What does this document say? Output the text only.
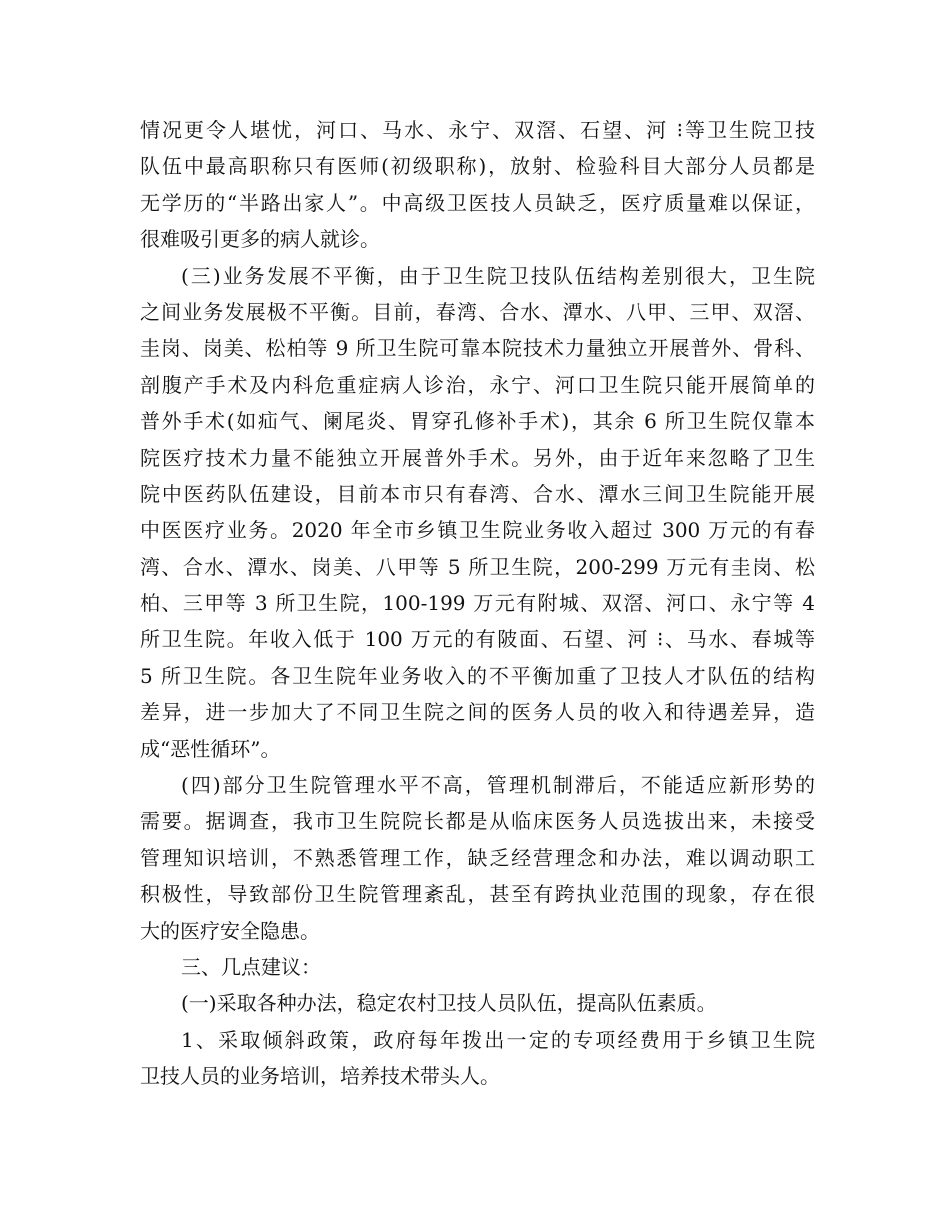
情况更令人堪忧，河口、马水、永宁、双滘、石望、河 ⁝等卫生院卫技
队伍中最高职称只有医师(初级职称)，放射、检验科目大部分人员都是
无学历的“半路出家人”。中高级卫医技人员缺乏，医疗质量难以保证，
很难吸引更多的病人就诊。
(三)业务发展不平衡，由于卫生院卫技队伍结构差别很大，卫生院
之间业务发展极不平衡。目前，春湾、合水、潭水、八甲、三甲、双滘、
圭岗、岗美、松柏等 9 所卫生院可靠本院技术力量独立开展普外、骨科、
剖腹产手术及内科危重症病人诊治，永宁、河口卫生院只能开展简单的
普外手术(如疝气、阑尾炎、胃穿孔修补手术)，其余 6 所卫生院仅靠本
院医疗技术力量不能独立开展普外手术。另外，由于近年来忽略了卫生
院中医药队伍建设，目前本市只有春湾、合水、潭水三间卫生院能开展
中医医疗业务。2020 年全市乡镇卫生院业务收入超过 300 万元的有春
湾、合水、潭水、岗美、八甲等 5 所卫生院，200-299 万元有圭岗、松
柏、三甲等 3 所卫生院，100-199 万元有附城、双滘、河口、永宁等 4
所卫生院。年收入低于 100 万元的有陂面、石望、河 ⁝、马水、春城等
5 所卫生院。各卫生院年业务收入的不平衡加重了卫技人才队伍的结构
差异，进一步加大了不同卫生院之间的医务人员的收入和待遇差异，造
成“恶性循环”。
(四)部分卫生院管理水平不高，管理机制滞后，不能适应新形势的
需要。据调查，我市卫生院院长都是从临床医务人员选拔出来，未接受
管理知识培训，不熟悉管理工作，缺乏经营理念和办法，难以调动职工
积极性，导致部份卫生院管理紊乱，甚至有跨执业范围的现象，存在很
大的医疗安全隐患。
三、几点建议：
(一)采取各种办法，稳定农村卫技人员队伍，提高队伍素质。
1、采取倾斜政策，政府每年拨出一定的专项经费用于乡镇卫生院
卫技人员的业务培训，培养技术带头人。
